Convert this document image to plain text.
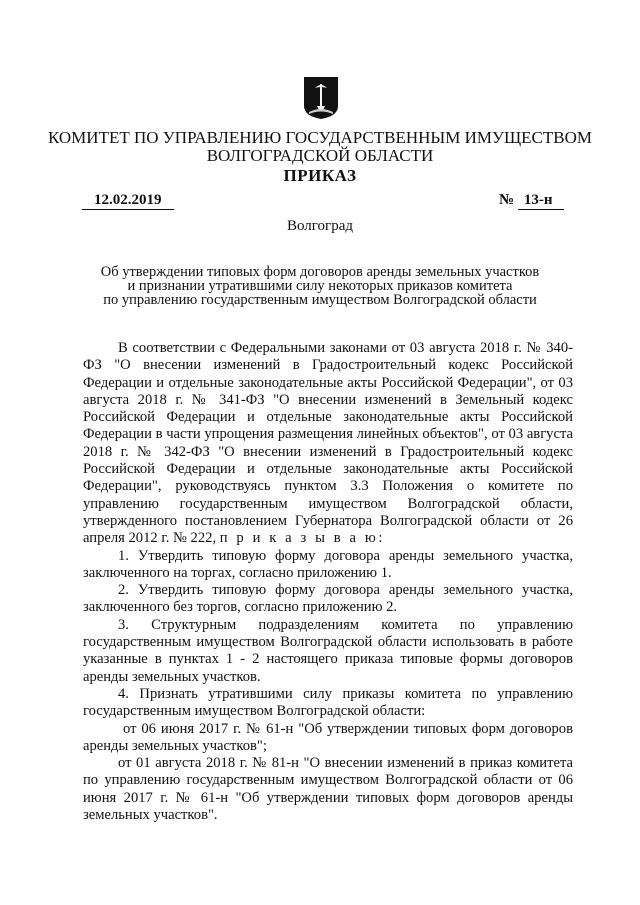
КОМИТЕТ ПО УПРАВЛЕНИЮ ГОСУДАРСТВЕННЫМ ИМУЩЕСТВОМ
ВОЛГОГРАДСКОЙ ОБЛАСТИ
ПРИКАЗ
12.02.2019	№ 13-н
Волгоград
Об утверждении типовых форм договоров аренды земельных участков
и признании утратившими силу некоторых приказов комитета
по управлению государственным имуществом Волгоградской области

В соответствии с Федеральными законами от 03 августа 2018 г. № 340-ФЗ "О внесении изменений в Градостроительный кодекс Российской Федерации и отдельные законодательные акты Российской Федерации", от 03 августа 2018 г. № 341-ФЗ "О внесении изменений в Земельный кодекс Российской Федерации и отдельные законодательные акты Российской Федерации в части упрощения размещения линейных объектов", от 03 августа 2018 г. № 342-ФЗ "О внесении изменений в Градостроительный кодекс Российской Федерации и отдельные законодательные акты Российской Федерации", руководствуясь пунктом 3.3 Положения о комитете по управлению государственным имуществом Волгоградской области, утвержденного постановлением Губернатора Волгоградской области от 26 апреля 2012 г. № 222, п р и к а з ы в а ю:

1. Утвердить типовую форму договора аренды земельного участка, заключенного на торгах, согласно приложению 1.

2. Утвердить типовую форму договора аренды земельного участка, заключенного без торгов, согласно приложению 2.

3. Структурным подразделениям комитета по управлению государственным имуществом Волгоградской области использовать в работе указанные в пунктах 1 - 2 настоящего приказа типовые формы договоров аренды земельных участков.

4. Признать утратившими силу приказы комитета по управлению государственным имуществом Волгоградской области:

от 06 июня 2017 г. № 61-н "Об утверждении типовых форм договоров аренды земельных участков";

от 01 августа 2018 г. № 81-н "О внесении изменений в приказ комитета по управлению государственным имуществом Волгоградской области от 06 июня 2017 г. № 61-н "Об утверждении типовых форм договоров аренды земельных участков".
